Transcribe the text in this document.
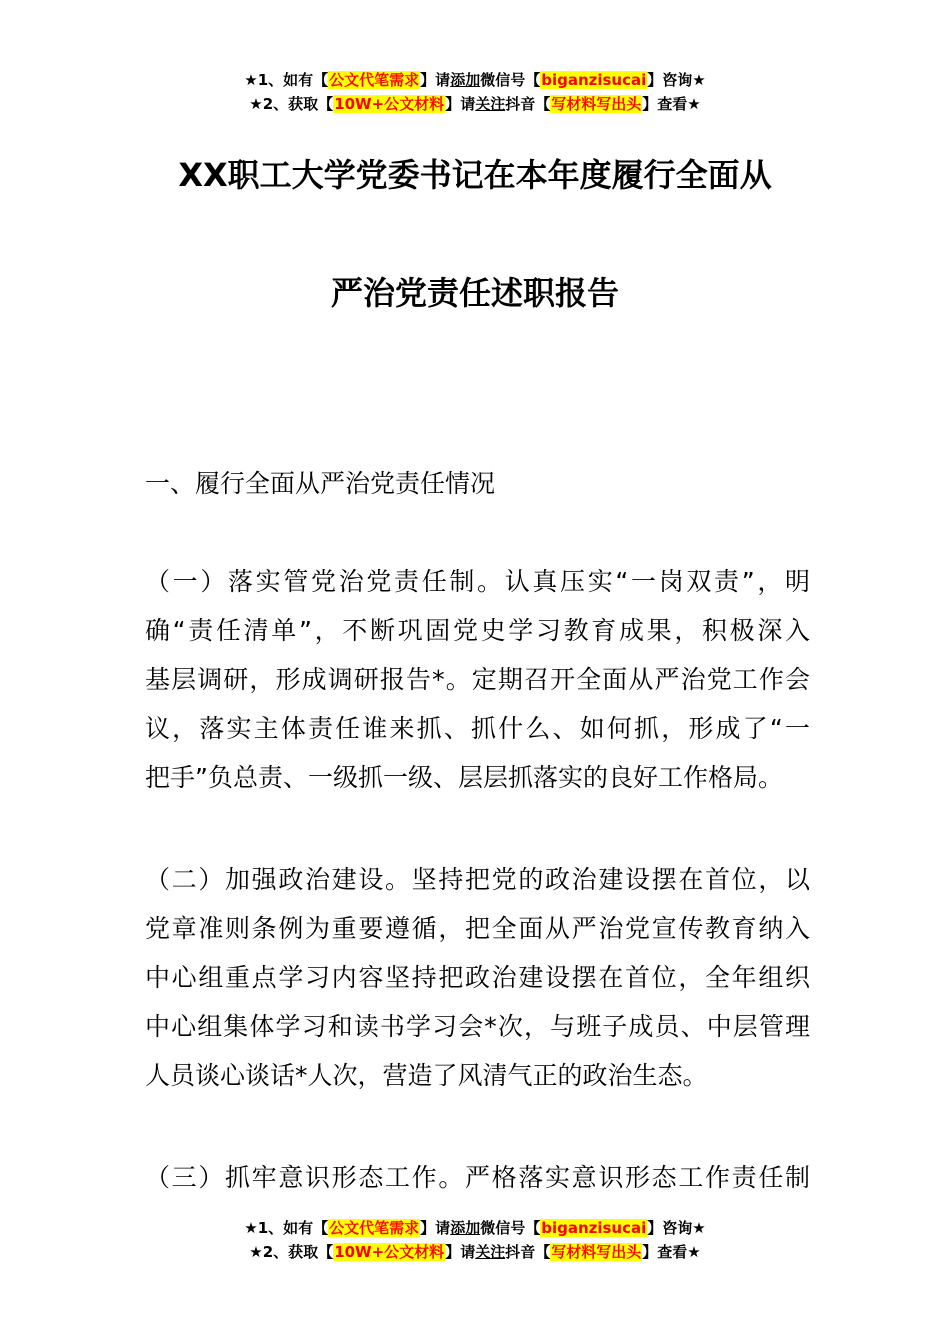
★1、如有【公文代笔需求】请添加微信号【biganzisucai】咨询★
★2、获取【10W+公文材料】请关注抖音【写材料写出头】查看★
XX职工大学党委书记在本年度履行全面从
严治党责任述职报告
一、履行全面从严治党责任情况
（一）落实管党治党责任制。认真压实“一岗双责”，明
确“责任清单”，不断巩固党史学习教育成果，积极深入
基层调研，形成调研报告*。定期召开全面从严治党工作会
议，落实主体责任谁来抓、抓什么、如何抓，形成了“一
把手”负总责、一级抓一级、层层抓落实的良好工作格局。
（二）加强政治建设。坚持把党的政治建设摆在首位，以
党章准则条例为重要遵循，把全面从严治党宣传教育纳入
中心组重点学习内容坚持把政治建设摆在首位，全年组织
中心组集体学习和读书学习会*次，与班子成员、中层管理
人员谈心谈话*人次，营造了风清气正的政治生态。
（三）抓牢意识形态工作。严格落实意识形态工作责任制
★1、如有【公文代笔需求】请添加微信号【biganzisucai】咨询★
★2、获取【10W+公文材料】请关注抖音【写材料写出头】查看★
